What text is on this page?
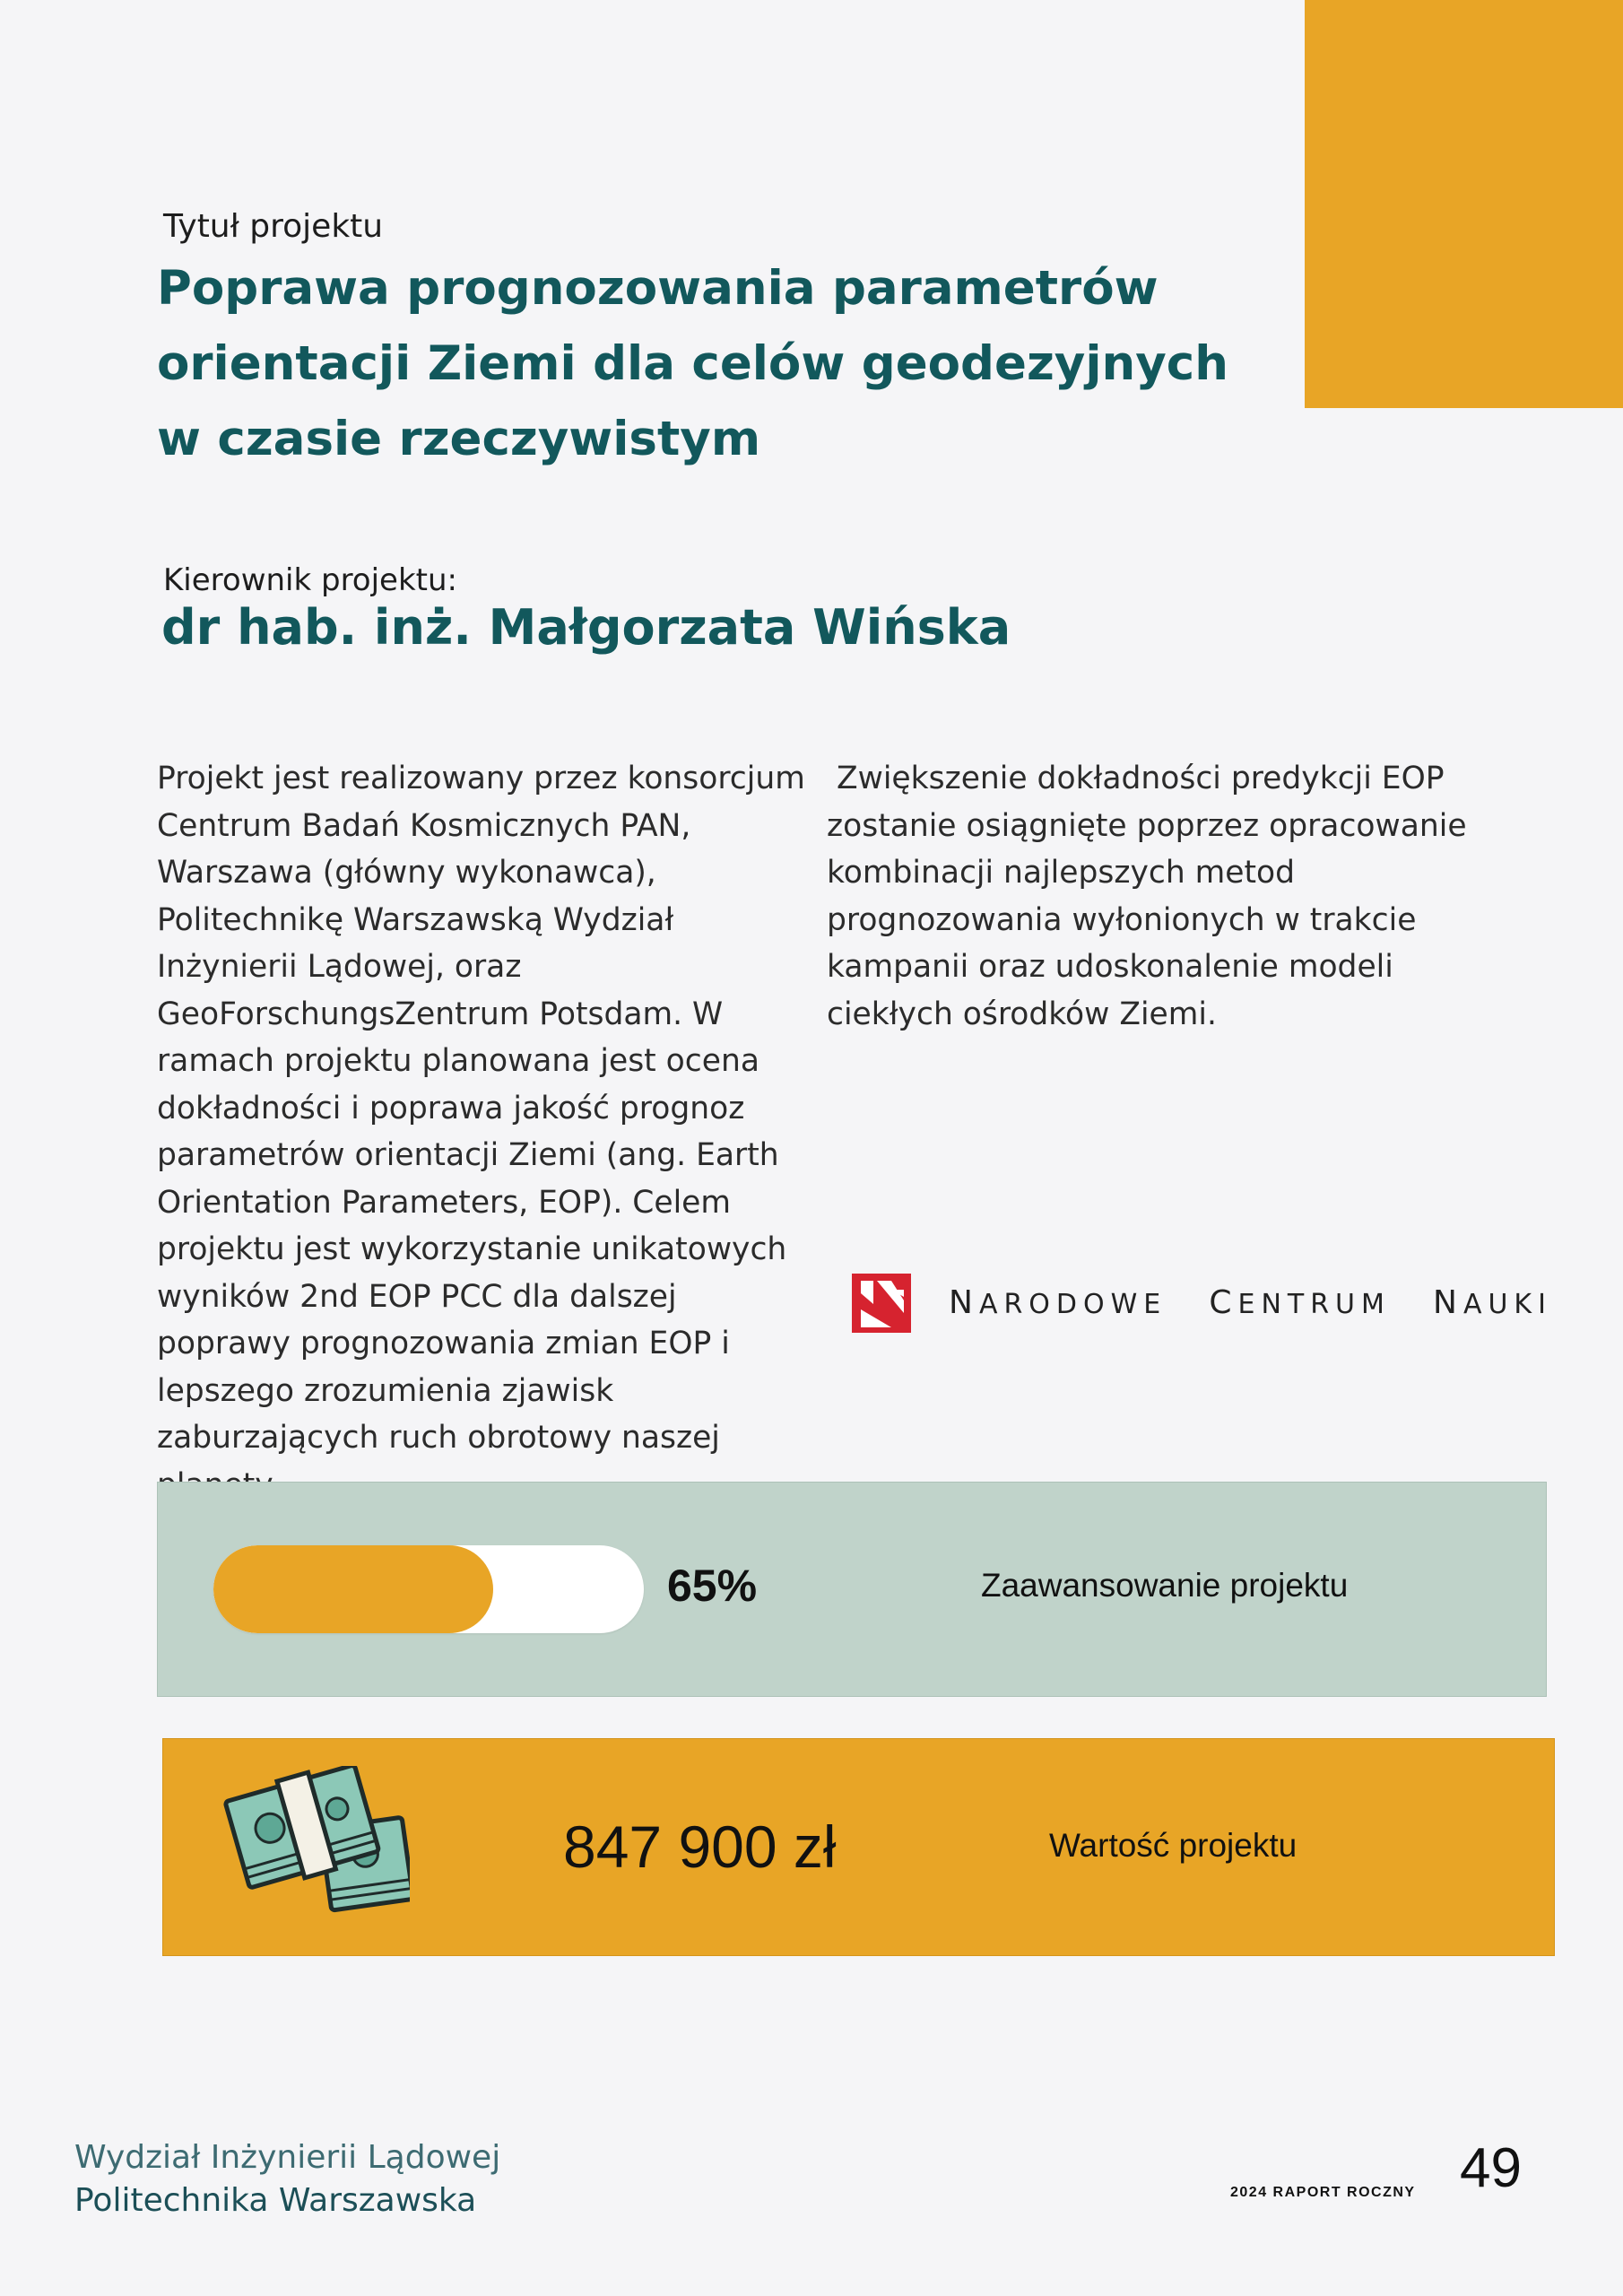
Tytuł projektu
Poprawa prognozowania parametrów orientacji Ziemi dla celów geodezyjnych w czasie rzeczywistym
Kierownik projektu:
dr hab. inż. Małgorzata Wińska

Projekt jest realizowany przez konsorcjum Centrum Badań Kosmicznych PAN, Warszawa (główny wykonawca), Politechnikę Warszawską Wydział Inżynierii Lądowej, oraz GeoForschungsZentrum Potsdam. W ramach projektu planowana jest ocena dokładności i poprawa jakość prognoz parametrów orientacji Ziemi (ang. Earth Orientation Parameters, EOP). Celem projektu jest wykorzystanie unikatowych wyników 2nd EOP PCC dla dalszej poprawy prognozowania zmian EOP i lepszego zrozumienia zjawisk zaburzających ruch obrotowy naszej

Zwiększenie dokładności predykcji EOP zostanie osiągnięte poprzez opracowanie kombinacji najlepszych metod prognozowania wyłonionych w trakcie kampanii oraz udoskonalenie modeli ciekłych ośrodków Ziemi.

NARODOWE CENTRUM NAUKI
65%	Zaawansowanie projektu
847 900 zł	Wartość projektu
Wydział Inżynierii Lądowej
Politechnika Warszawska	2024 RAPORT ROCZNY 49
